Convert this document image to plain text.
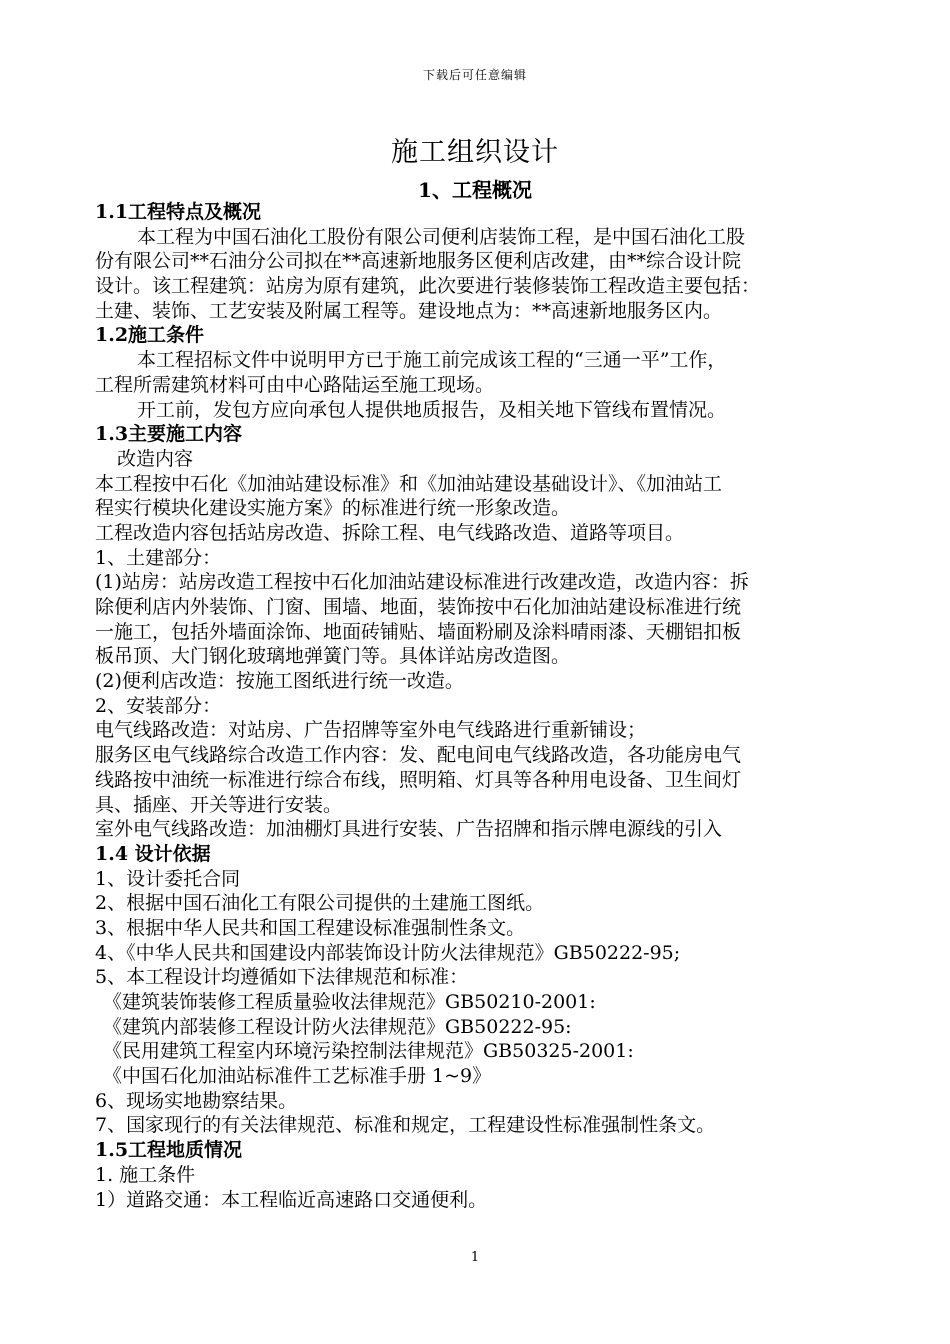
下载后可任意编辑
施工组织设计
1、工程概况
1.1工程特点及概况
本工程为中国石油化工股份有限公司便利店装饰工程，是中国石油化工股
份有限公司**石油分公司拟在**高速新地服务区便利店改建，由**综合设计院
设计。该工程建筑：站房为原有建筑，此次要进行装修装饰工程改造主要包括：
土建、装饰、工艺安装及附属工程等。建设地点为：**高速新地服务区内。
1.2施工条件
本工程招标文件中说明甲方已于施工前完成该工程的“三通一平”工作，
工程所需建筑材料可由中心路陆运至施工现场。
开工前，发包方应向承包人提供地质报告，及相关地下管线布置情况。
1.3主要施工内容
改造内容
本工程按中石化《加油站建设标准》和《加油站建设基础设计》、《加油站工
程实行模块化建设实施方案》的标准进行统一形象改造。
工程改造内容包括站房改造、拆除工程、电气线路改造、道路等项目。
1、土建部分：
(1)站房：站房改造工程按中石化加油站建设标准进行改建改造，改造内容：拆
除便利店内外装饰、门窗、围墙、地面，装饰按中石化加油站建设标准进行统
一施工，包括外墙面涂饰、地面砖铺贴、墙面粉刷及涂料晴雨漆、天棚铝扣板
板吊顶、大门钢化玻璃地弹簧门等。具体详站房改造图。
(2)便利店改造：按施工图纸进行统一改造。
2、安装部分：
电气线路改造：对站房、广告招牌等室外电气线路进行重新铺设；
服务区电气线路综合改造工作内容：发、配电间电气线路改造，各功能房电气
线路按中油统一标准进行综合布线，照明箱、灯具等各种用电设备、卫生间灯
具、插座、开关等进行安装。
室外电气线路改造：加油棚灯具进行安装、广告招牌和指示牌电源线的引入
1.4 设计依据
1、设计委托合同
2、根据中国石油化工有限公司提供的土建施工图纸。
3、根据中华人民共和国工程建设标准强制性条文。
4、《中华人民共和国建设内部装饰设计防火法律规范》GB50222-95;
5、本工程设计均遵循如下法律规范和标准：
《建筑装饰装修工程质量验收法律规范》GB50210-2001:
《建筑内部装修工程设计防火法律规范》GB50222-95:
《民用建筑工程室内环境污染控制法律规范》GB50325-2001:
《中国石化加油站标准件工艺标准手册 1~9》
6、现场实地勘察结果。
7、国家现行的有关法律规范、标准和规定，工程建设性标准强制性条文。
1.5工程地质情况
1. 施工条件
1）道路交通：本工程临近高速路口交通便利。
1
